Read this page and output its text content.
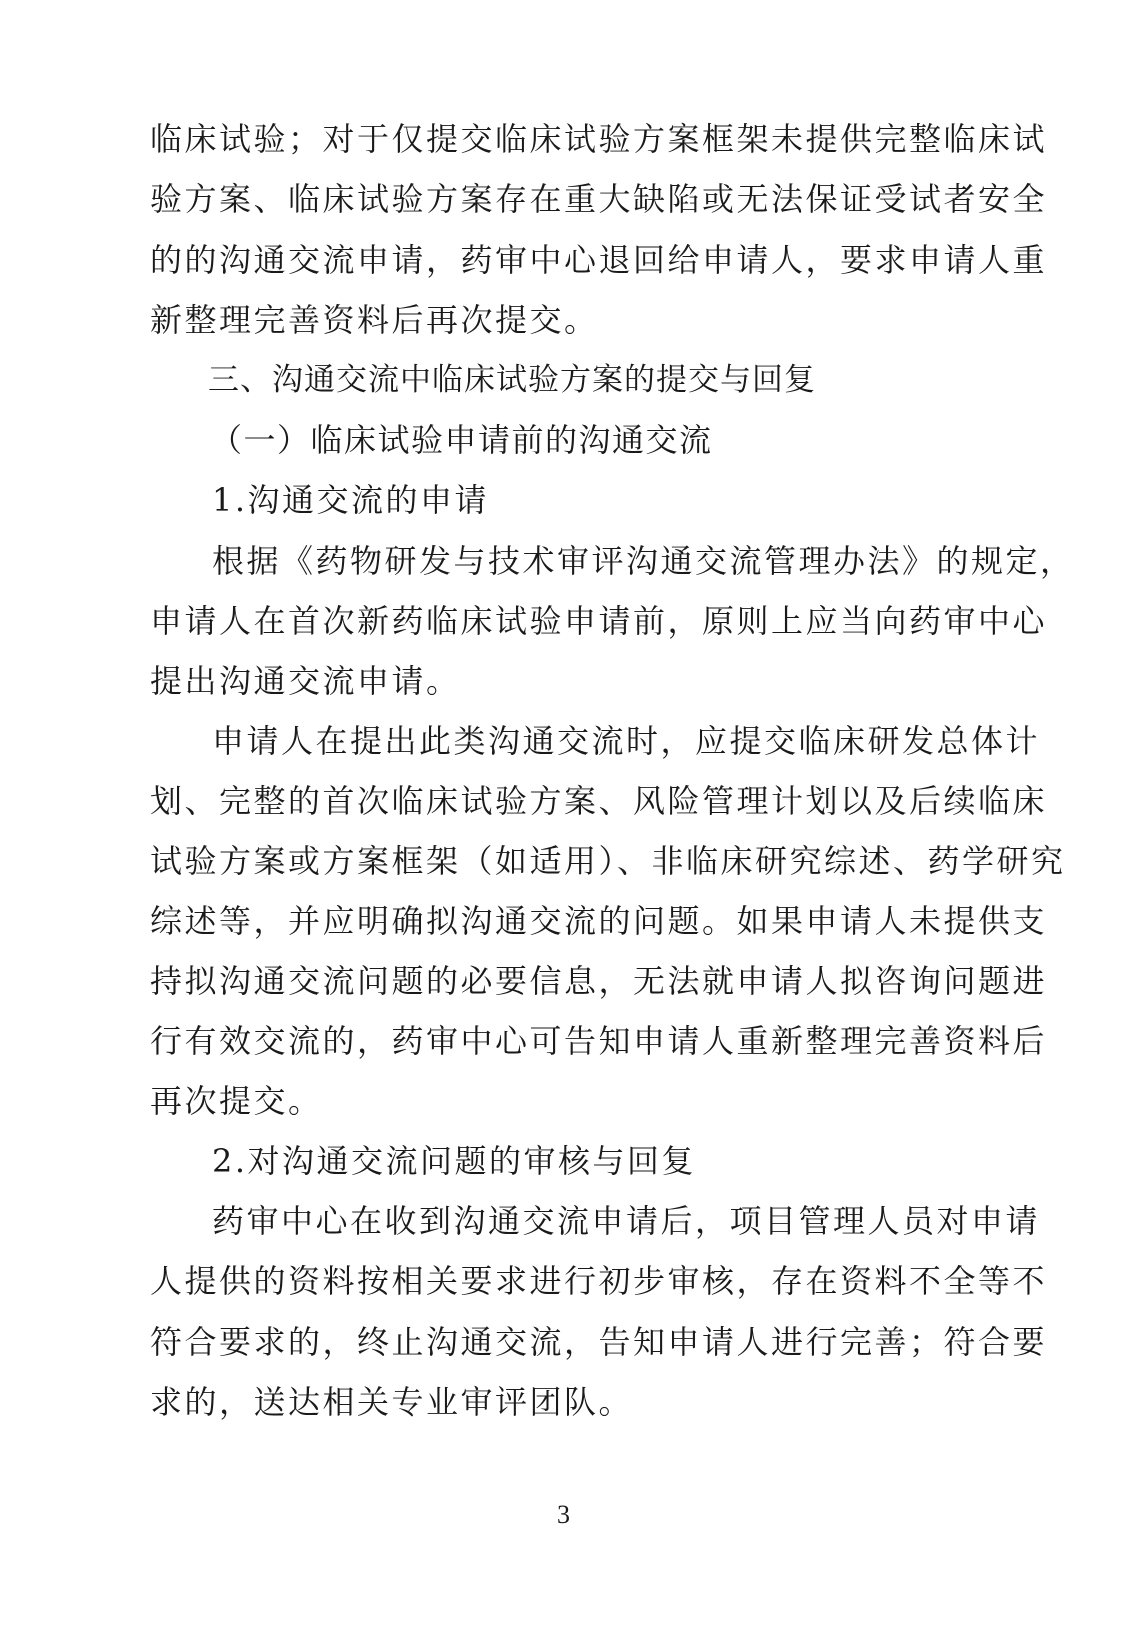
临床试验；对于仅提交临床试验方案框架未提供完整临床试
验方案、临床试验方案存在重大缺陷或无法保证受试者安全
的的沟通交流申请，药审中心退回给申请人，要求申请人重
新整理完善资料后再次提交。
三、沟通交流中临床试验方案的提交与回复
（一）临床试验申请前的沟通交流
1.沟通交流的申请
根据《药物研发与技术审评沟通交流管理办法》的规定，
申请人在首次新药临床试验申请前，原则上应当向药审中心
提出沟通交流申请。
申请人在提出此类沟通交流时，应提交临床研发总体计
划、完整的首次临床试验方案、风险管理计划以及后续临床
试验方案或方案框架（如适用）、非临床研究综述、药学研究
综述等，并应明确拟沟通交流的问题。如果申请人未提供支
持拟沟通交流问题的必要信息，无法就申请人拟咨询问题进
行有效交流的，药审中心可告知申请人重新整理完善资料后
再次提交。
2.对沟通交流问题的审核与回复
药审中心在收到沟通交流申请后，项目管理人员对申请
人提供的资料按相关要求进行初步审核，存在资料不全等不
符合要求的，终止沟通交流，告知申请人进行完善；符合要
求的，送达相关专业审评团队。
3
